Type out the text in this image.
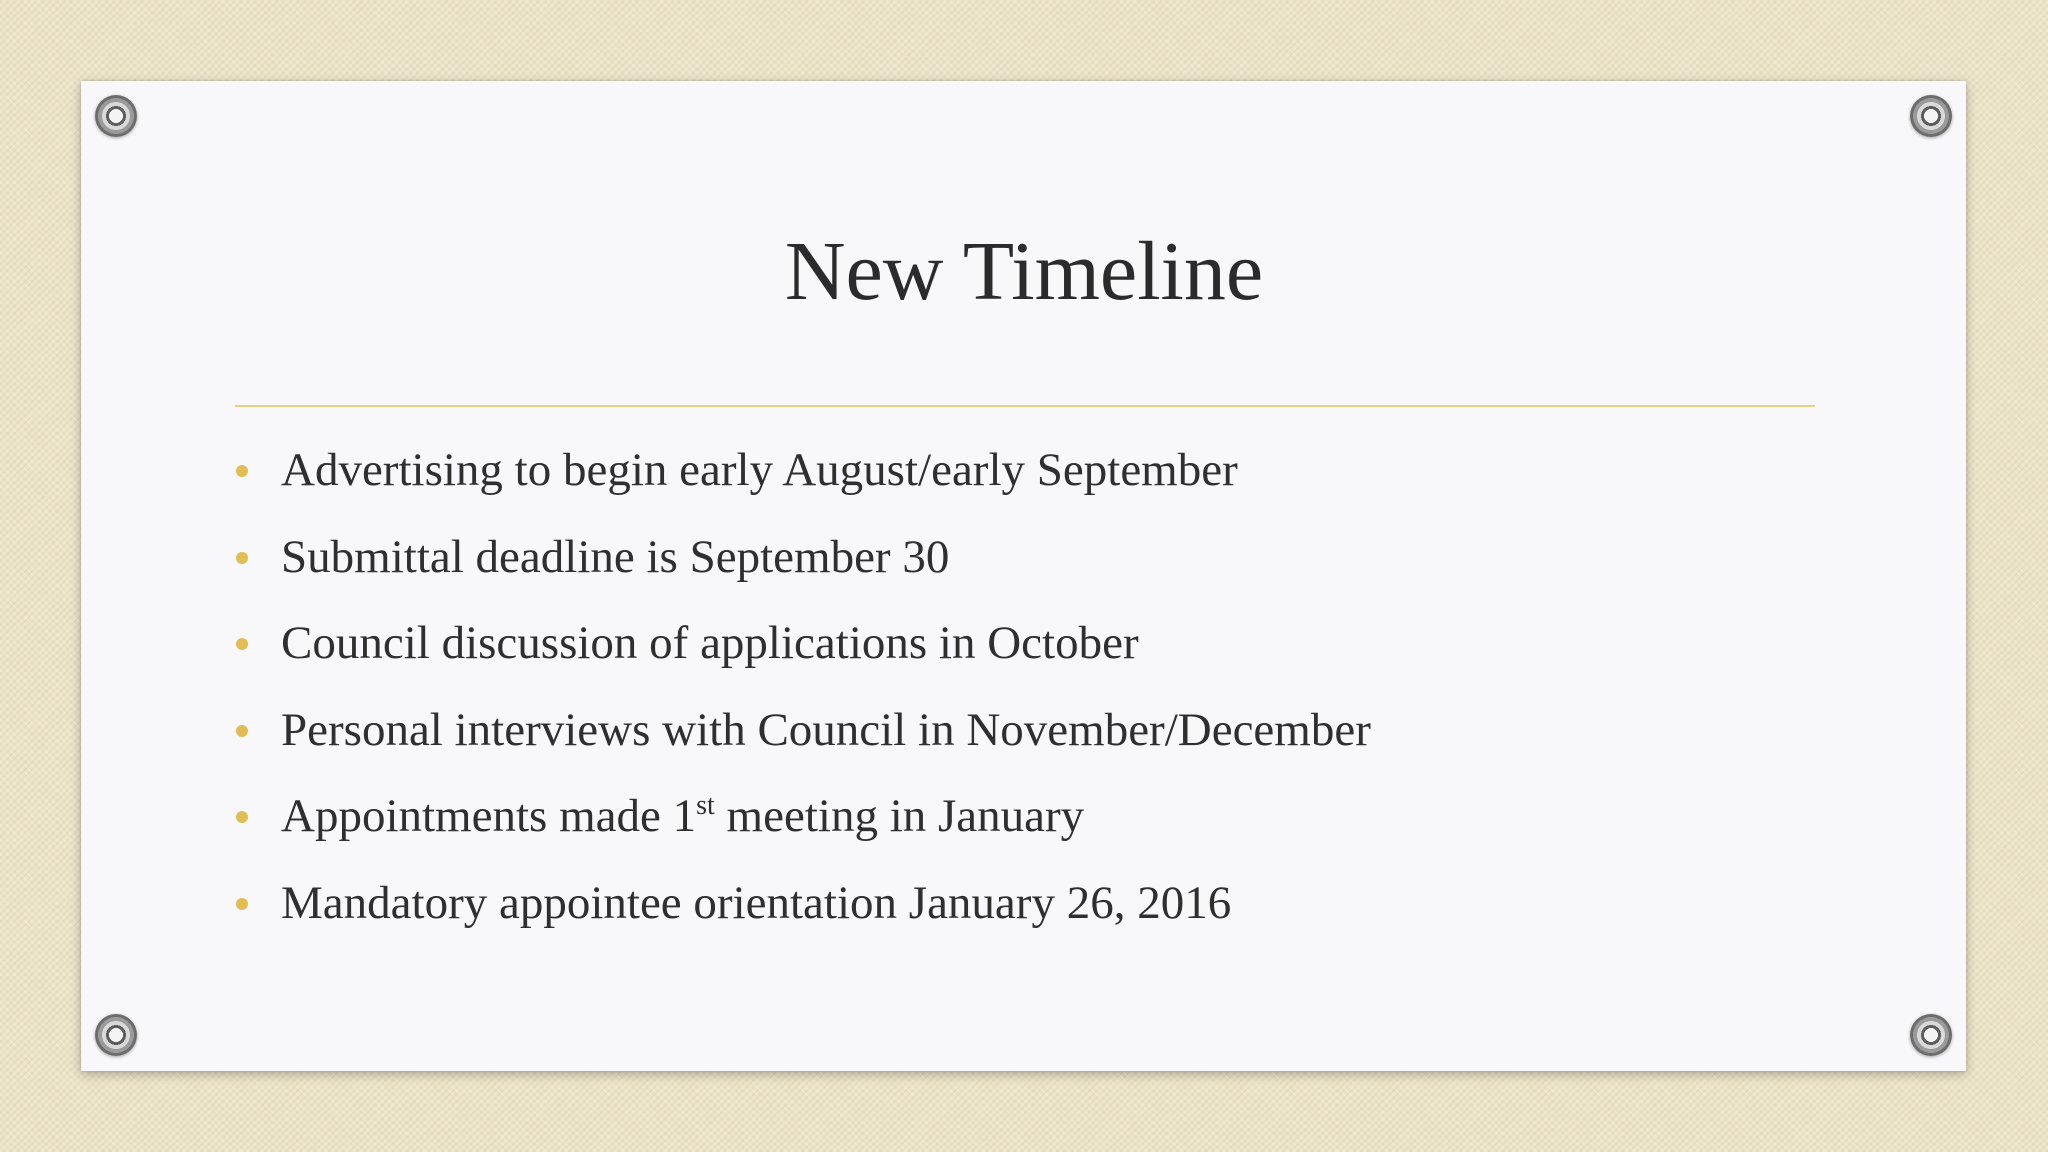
New Timeline
Advertising to begin early August/early September
Submittal deadline is September 30
Council discussion of applications in October
Personal interviews with Council in November/December
Appointments made 1st meeting in January
Mandatory appointee orientation January 26, 2016
